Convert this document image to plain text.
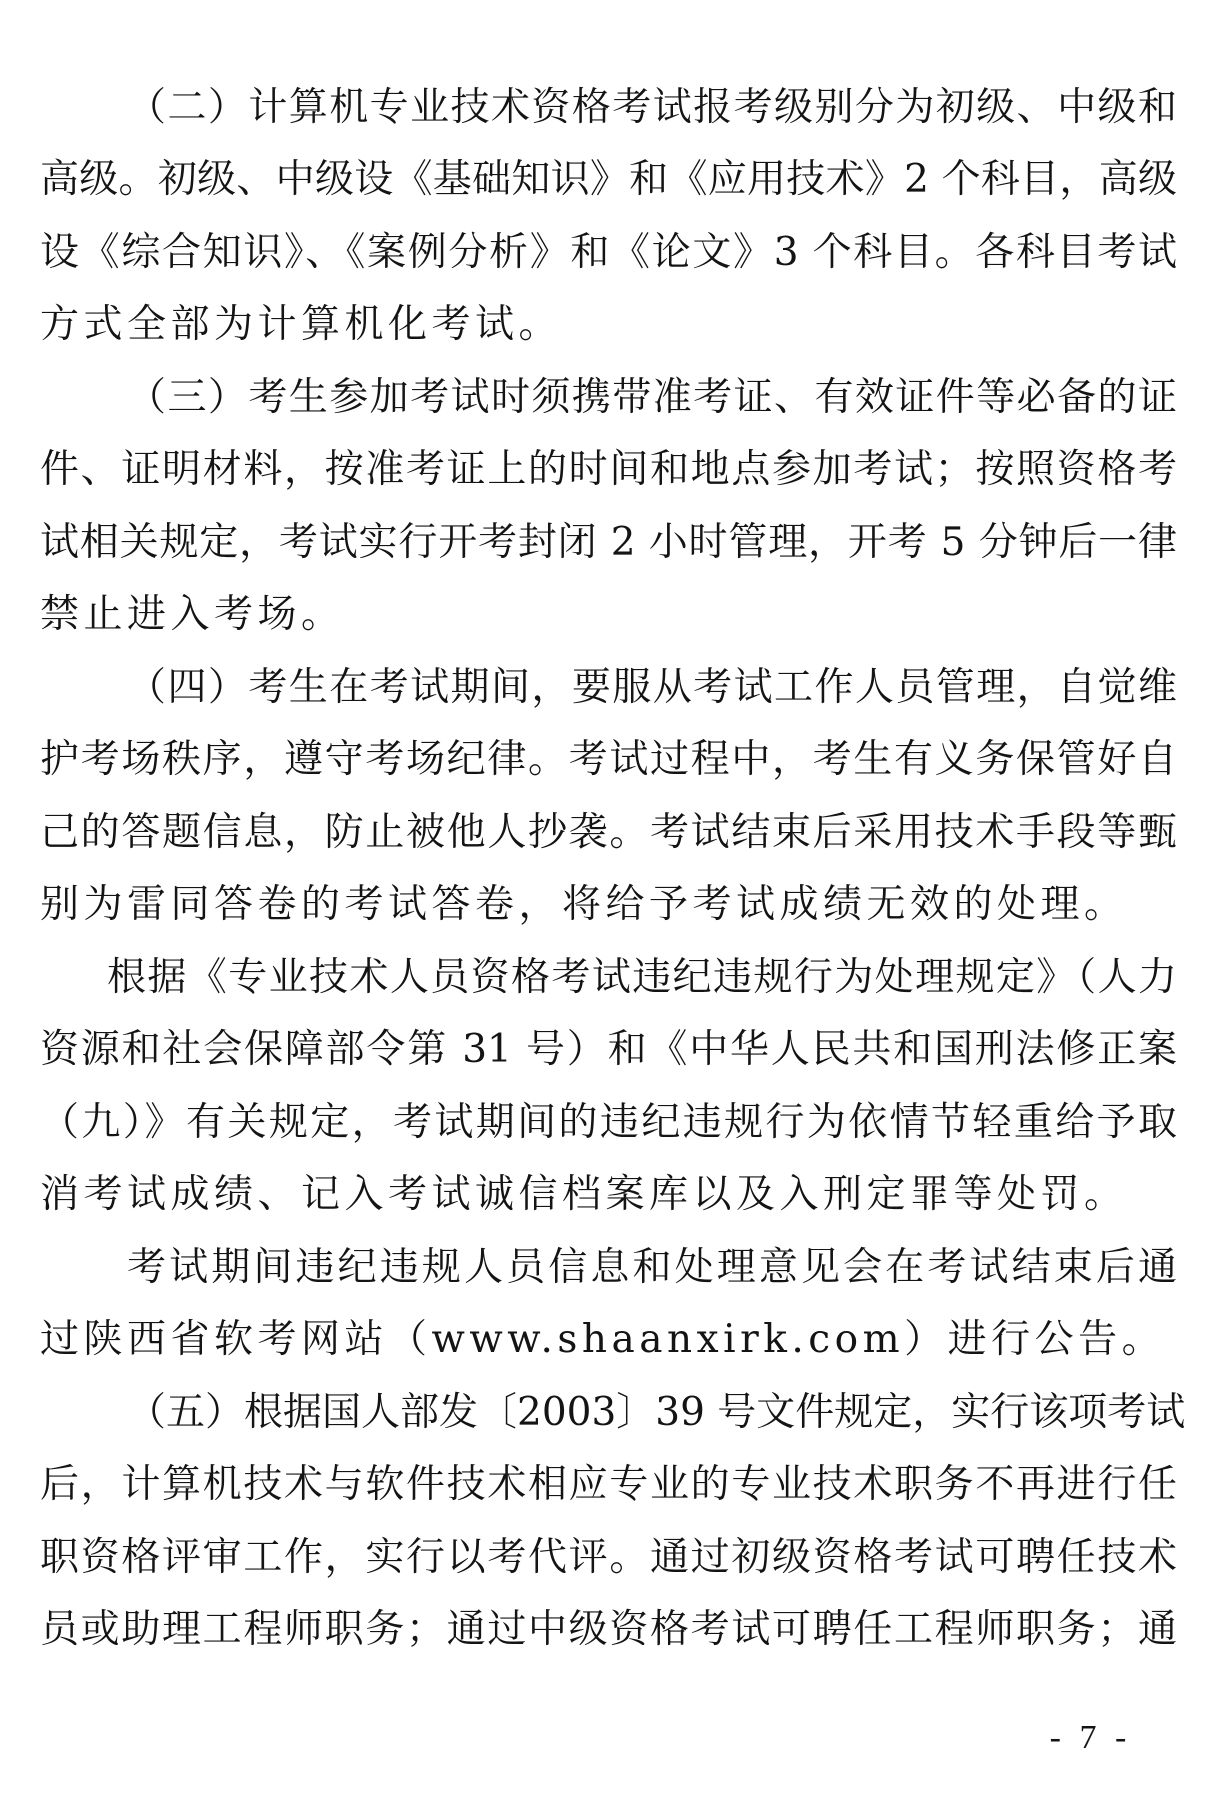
（二）计算机专业技术资格考试报考级别分为初级、中级和
高级。初级、中级设《基础知识》和《应用技术》2 个科目，高级
设《综合知识》、《案例分析》和《论文》3 个科目。各科目考试
方式全部为计算机化考试。
（三）考生参加考试时须携带准考证、有效证件等必备的证
件、证明材料，按准考证上的时间和地点参加考试；按照资格考
试相关规定，考试实行开考封闭 2 小时管理，开考 5 分钟后一律
禁止进入考场。
（四）考生在考试期间，要服从考试工作人员管理，自觉维
护考场秩序，遵守考场纪律。考试过程中，考生有义务保管好自
己的答题信息，防止被他人抄袭。考试结束后采用技术手段等甄
别为雷同答卷的考试答卷，将给予考试成绩无效的处理。
根据《专业技术人员资格考试违纪违规行为处理规定》（人力
资源和社会保障部令第 31 号）和《中华人民共和国刑法修正案
（九）》有关规定，考试期间的违纪违规行为依情节轻重给予取
消考试成绩、记入考试诚信档案库以及入刑定罪等处罚。
考试期间违纪违规人员信息和处理意见会在考试结束后通
过陕西省软考网站（www.shaanxirk.com）进行公告。
（五）根据国人部发〔2003〕39 号文件规定，实行该项考试
后，计算机技术与软件技术相应专业的专业技术职务不再进行任
职资格评审工作，实行以考代评。通过初级资格考试可聘任技术
员或助理工程师职务；通过中级资格考试可聘任工程师职务；通
- 7 -
